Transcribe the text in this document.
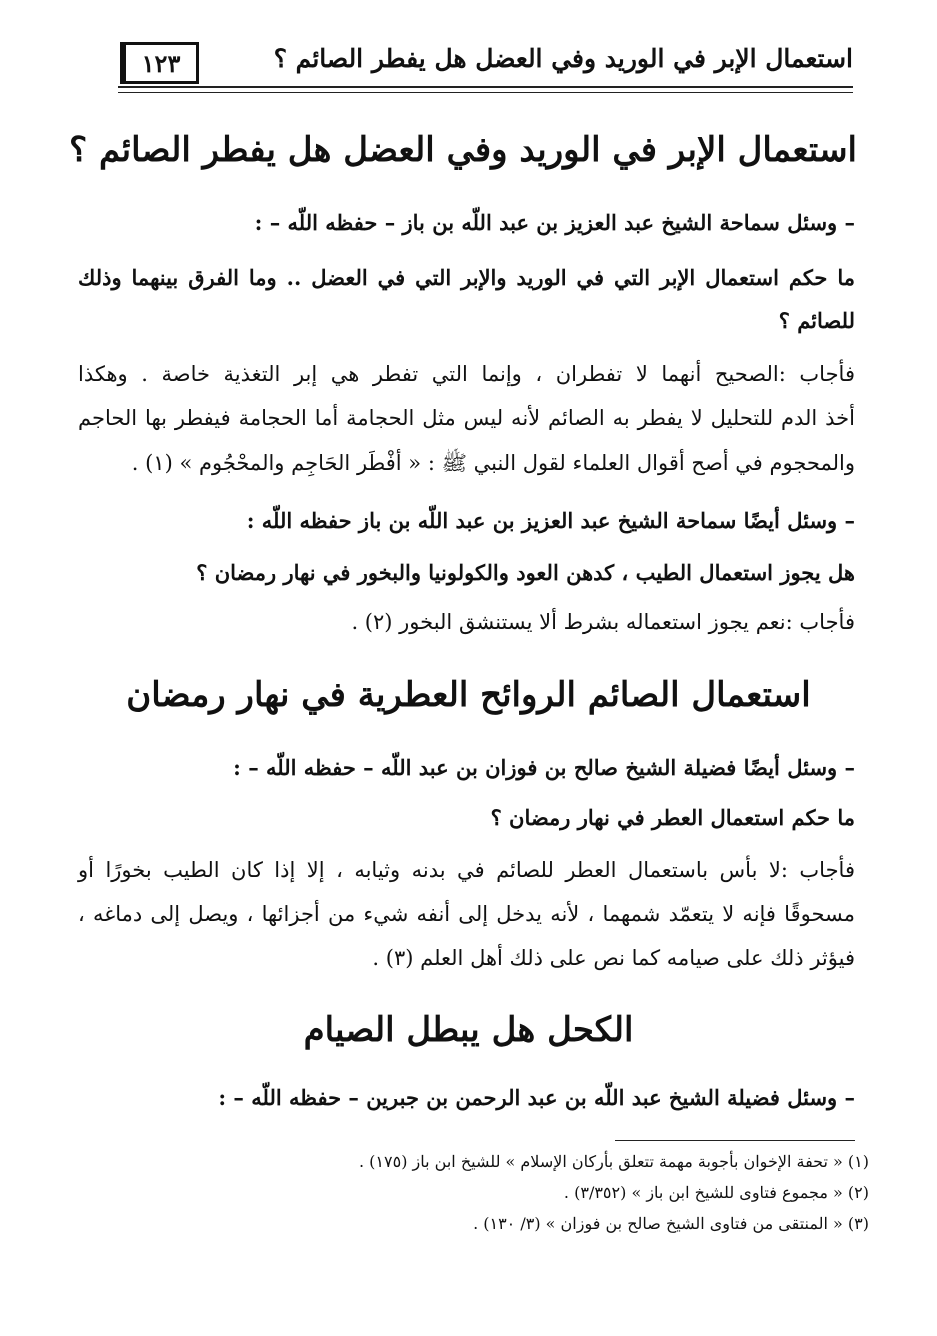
استعمال الإبر في الوريد وفي العضل هل يفطر الصائم ؟
١٢٣
استعمال الإبر في الوريد وفي العضل هل يفطر الصائم ؟
– وسئل سماحة الشيخ عبد العزيز بن عبد اللّه بن باز – حفظه اللّه – :
ما حكم استعمال الإبر التي في الوريد والإبر التي في العضل .. وما الفرق بينهما وذلك
للصائم ؟
فأجاب :الصحيح أنهما لا تفطران ، وإنما التي تفطر هي إبر التغذية خاصة . وهكذا
أخذ الدم للتحليل لا يفطر به الصائم لأنه ليس مثل الحجامة أما الحجامة فيفطر بها الحاجم
والمحجوم في أصح أقوال العلماء لقول النبي ﷺ : « أفْطَر الحَاجِم والمحْجُوم » (١) .
– وسئل أيضًا سماحة الشيخ عبد العزيز بن عبد اللّه بن باز حفظه اللّه :
هل يجوز استعمال الطيب ، كدهن العود والكولونيا والبخور في نهار رمضان ؟
فأجاب :نعم يجوز استعماله بشرط ألا يستنشق البخور (٢) .
استعمال الصائم الروائح العطرية في نهار رمضان
– وسئل أيضًا فضيلة الشيخ صالح بن فوزان بن عبد اللّه – حفظه اللّه – :
ما حكم استعمال العطر في نهار رمضان ؟
فأجاب :لا بأس باستعمال العطر للصائم في بدنه وثيابه ، إلا إذا كان الطيب بخورًا أو
مسحوقًا فإنه لا يتعمّد شمهما ، لأنه يدخل إلى أنفه شيء من أجزائها ، ويصل إلى دماغه ،
فيؤثر ذلك على صيامه كما نص على ذلك أهل العلم (٣) .
الكحل هل يبطل الصيام
– وسئل فضيلة الشيخ عبد اللّه بن عبد الرحمن بن جبرين – حفظه اللّه – :
(١) « تحفة الإخوان بأجوبة مهمة تتعلق بأركان الإسلام » للشيخ ابن باز (١٧٥) .
(٢) « مجموع فتاوى للشيخ ابن باز » (٣/٣٥٢) .
(٣) « المنتقى من فتاوى الشيخ صالح بن فوزان » (٣/ ١٣٠) .
